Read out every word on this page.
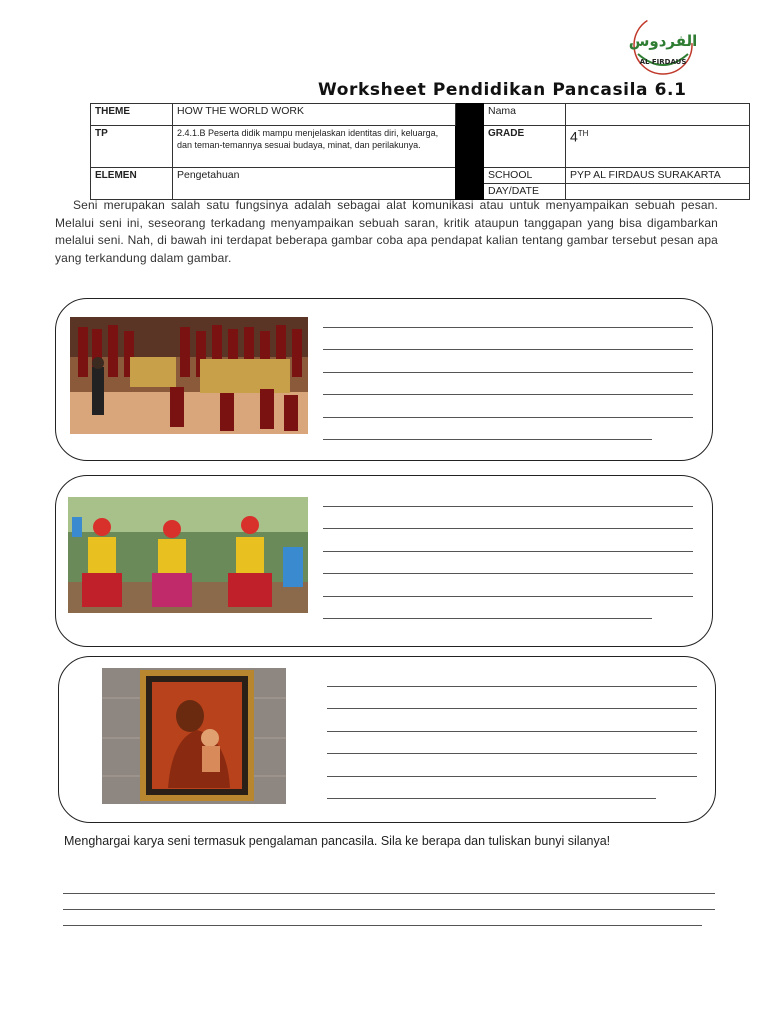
الفردوس
AL FIRDAUS
Worksheet Pendidikan Pancasila 6.1
THEME	HOW THE WORLD WORK		Nama	
TP	2.4.1.B Peserta didik mampu menjelaskan identitas diri, keluarga, dan teman-temannya sesuai budaya, minat, dan perilakunya.		GRADE	4TH
ELEMEN	Pengetahuan		SCHOOL	PYP AL FIRDAUS SURAKARTA
			DAY/DATE	
Seni merupakan salah satu fungsinya adalah sebagai alat komunikasi atau untuk menyampaikan sebuah pesan. Melalui seni ini, seseorang terkadang menyampaikan sebuah saran, kritik ataupun tanggapan yang bisa digambarkan melalui seni. Nah, di bawah ini terdapat beberapa gambar coba apa pendapat kalian tentang gambar tersebut pesan apa yang terkandung dalam gambar.
Menghargai karya seni termasuk pengalaman pancasila. Sila ke berapa dan tuliskan bunyi silanya!
